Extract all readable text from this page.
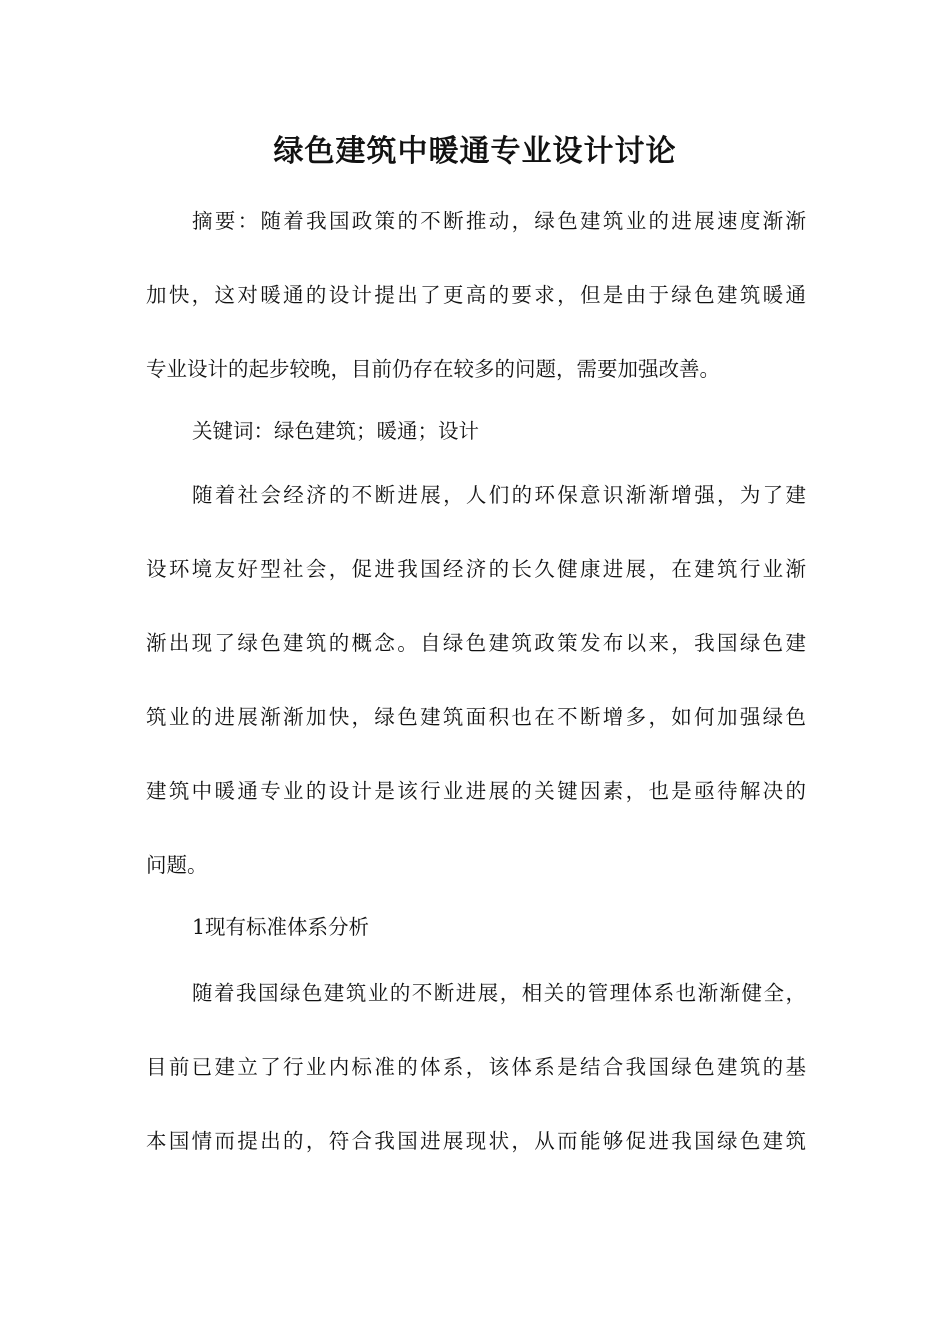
绿色建筑中暖通专业设计讨论

摘要：随着我国政策的不断推动，绿色建筑业的进展速度渐渐

加快，这对暖通的设计提出了更高的要求，但是由于绿色建筑暖通

专业设计的起步较晚，目前仍存在较多的问题，需要加强改善。

关键词：绿色建筑；暖通；设计

随着社会经济的不断进展，人们的环保意识渐渐增强，为了建

设环境友好型社会，促进我国经济的长久健康进展，在建筑行业渐

渐出现了绿色建筑的概念。自绿色建筑政策发布以来，我国绿色建

筑业的进展渐渐加快，绿色建筑面积也在不断增多，如何加强绿色

建筑中暖通专业的设计是该行业进展的关键因素，也是亟待解决的

问题。

1现有标准体系分析

随着我国绿色建筑业的不断进展，相关的管理体系也渐渐健全，

目前已建立了行业内标准的体系，该体系是结合我国绿色建筑的基

本国情而提出的，符合我国进展现状，从而能够促进我国绿色建筑
